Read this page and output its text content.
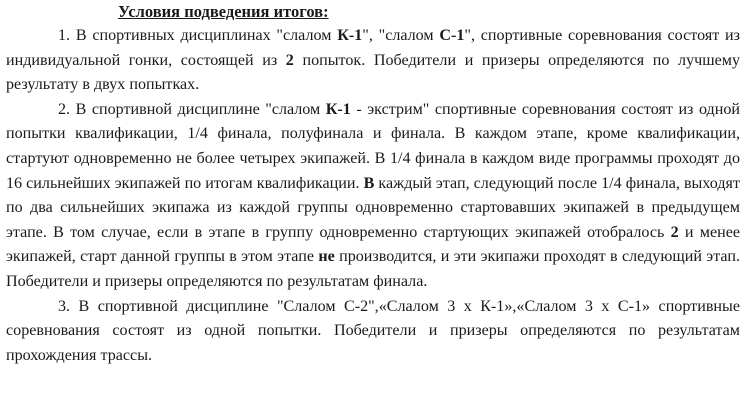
Условия подведения итогов:

1. В спортивных дисциплинах "слалом К-1", "слалом С-1", спортивные соревнования состоят из индивидуальной гонки, состоящей из 2 попыток. Победители и призеры определяются по лучшему результату в двух попытках.

2. В спортивной дисциплине "слалом К-1 - экстрим" спортивные соревнования состоят из одной попытки квалификации, 1/4 финала, полуфинала и финала. В каждом этапе, кроме квалификации, стартуют одновременно не более четырех экипажей. В 1/4 финала в каждом виде программы проходят до 16 сильнейших экипажей по итогам квалификации. В каждый этап, следующий после 1/4 финала, выходят по два сильнейших экипажа из каждой группы одновременно стартовавших экипажей в предыдущем этапе. В том случае, если в этапе в группу одновременно стартующих экипажей отобралось 2 и менее экипажей, старт данной группы в этом этапе не производится, и эти экипажи проходят в следующий этап. Победители и призеры определяются по результатам финала.

3. В спортивной дисциплине "Слалом С-2",«Слалом 3 х К-1»,«Слалом 3 х С-1» спортивные соревнования состоят из одной попытки. Победители и призеры определяются по результатам прохождения трассы.
